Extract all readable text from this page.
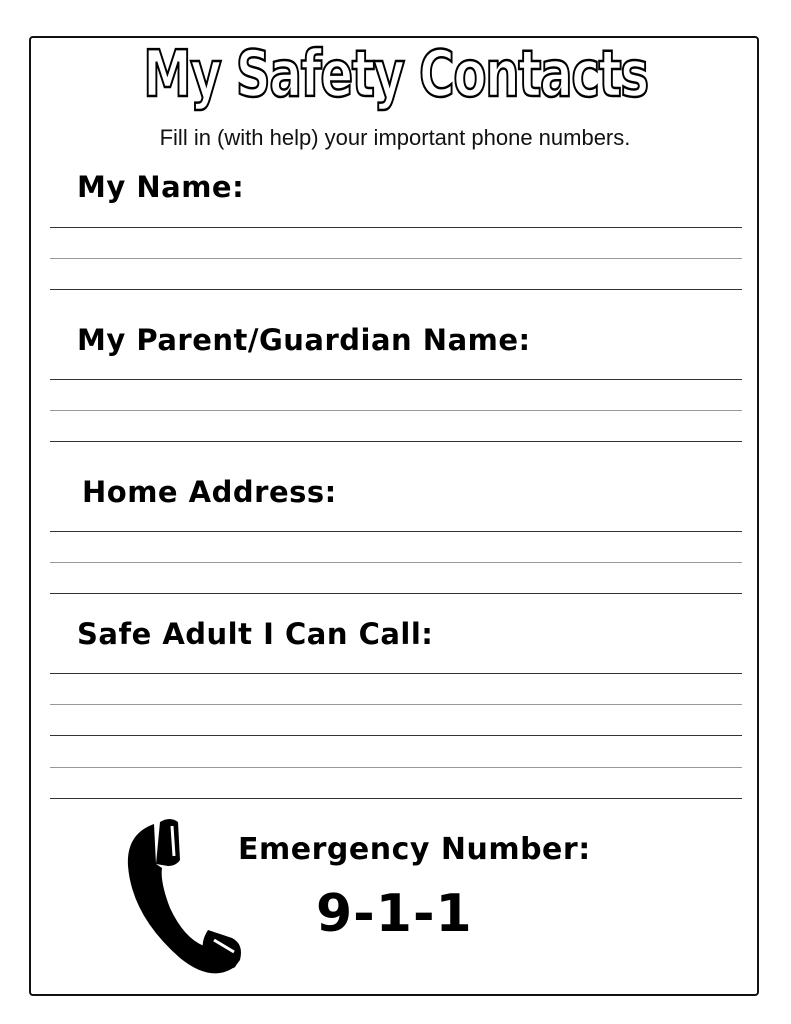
My Safety Contacts
Fill in (with help) your important phone numbers.
My Name:
My Parent/Guardian Name:
Home Address:
Safe Adult I Can Call:
Emergency Number:
9-1-1
